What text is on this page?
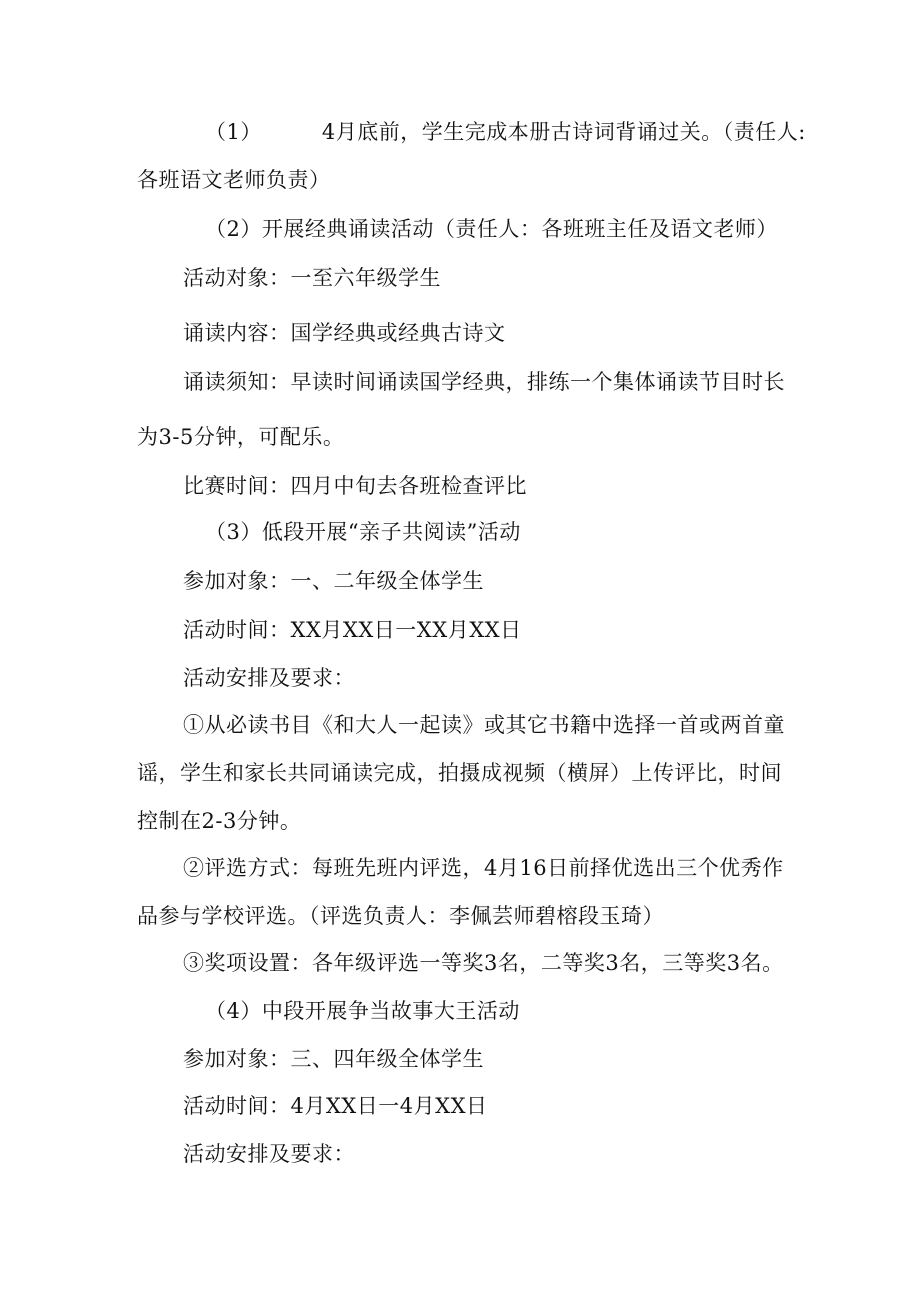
（1）	4月底前，学生完成本册古诗词背诵过关。（责任人:
各班语文老师负责）
（2）开展经典诵读活动（责任人：各班班主任及语文老师）
活动对象：一至六年级学生
诵读内容：国学经典或经典古诗文
诵读须知：早读时间诵读国学经典，排练一个集体诵读节目时长
为3-5分钟，可配乐。
比赛时间：四月中旬去各班检查评比
（3）低段开展“亲子共阅读”活动
参加对象：一、二年级全体学生
活动时间：XX月XX日一XX月XX日
活动安排及要求：
①从必读书目《和大人一起读》或其它书籍中选择一首或两首童
谣，学生和家长共同诵读完成，拍摄成视频（横屏）上传评比，时间
控制在2-3分钟。
②评选方式：每班先班内评选，4月16日前择优选出三个优秀作
品参与学校评选。（评选负责人：李佩芸师碧榕段玉琦）
③奖项设置：各年级评选一等奖3名，二等奖3名，三等奖3名。
（4）中段开展争当故事大王活动
参加对象：三、四年级全体学生
活动时间：4月XX日一4月XX日
活动安排及要求：
